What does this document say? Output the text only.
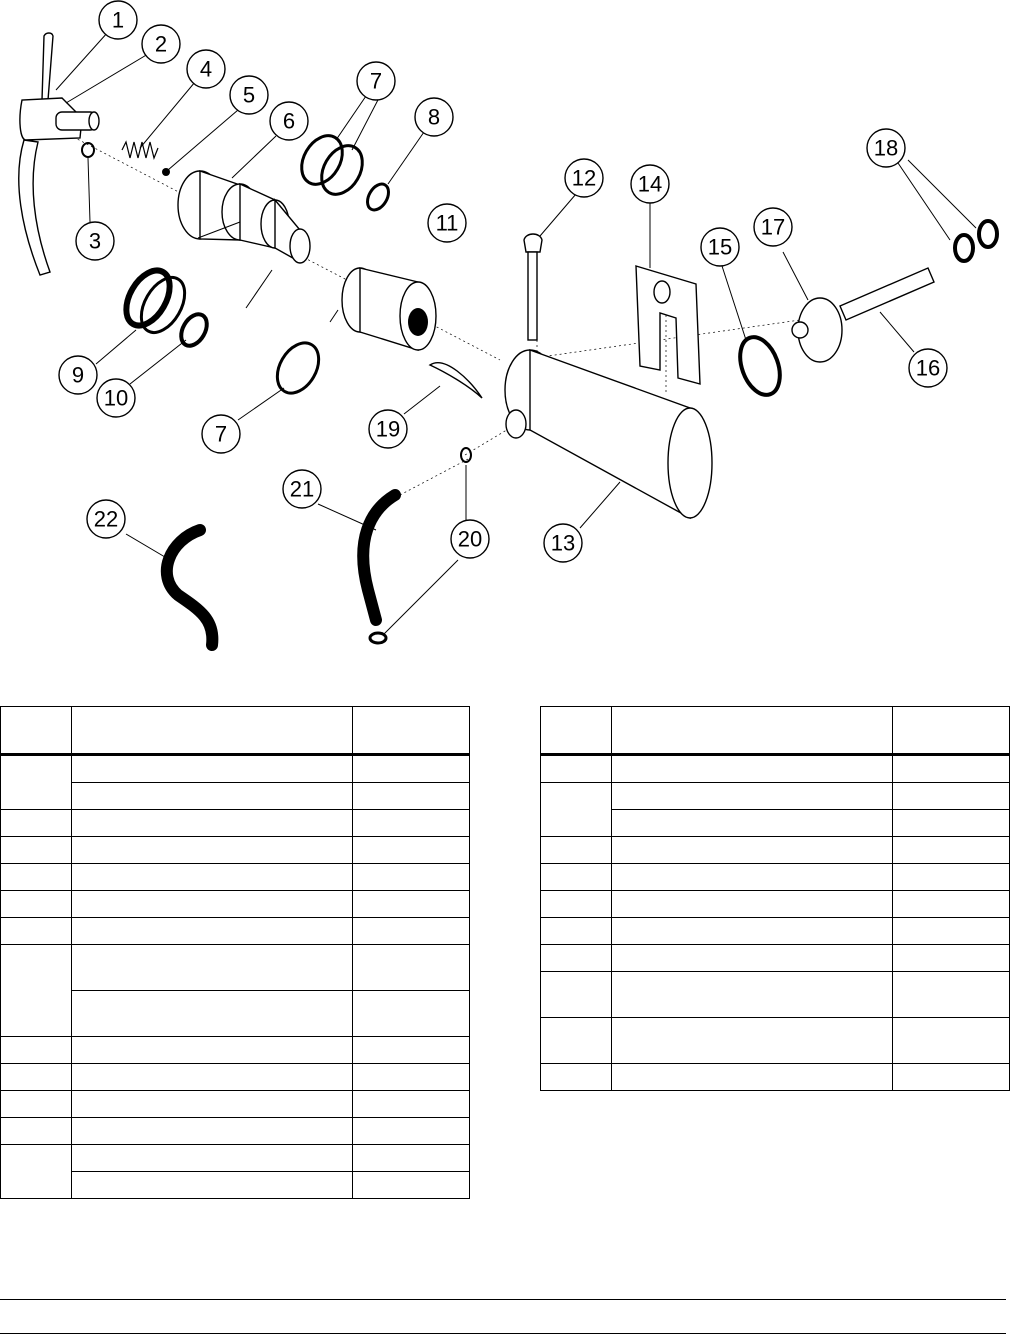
1
2
3
4
5
6
7
7
8
9
10
11
12
13
14
15
16
17
18
19
20
21
22
